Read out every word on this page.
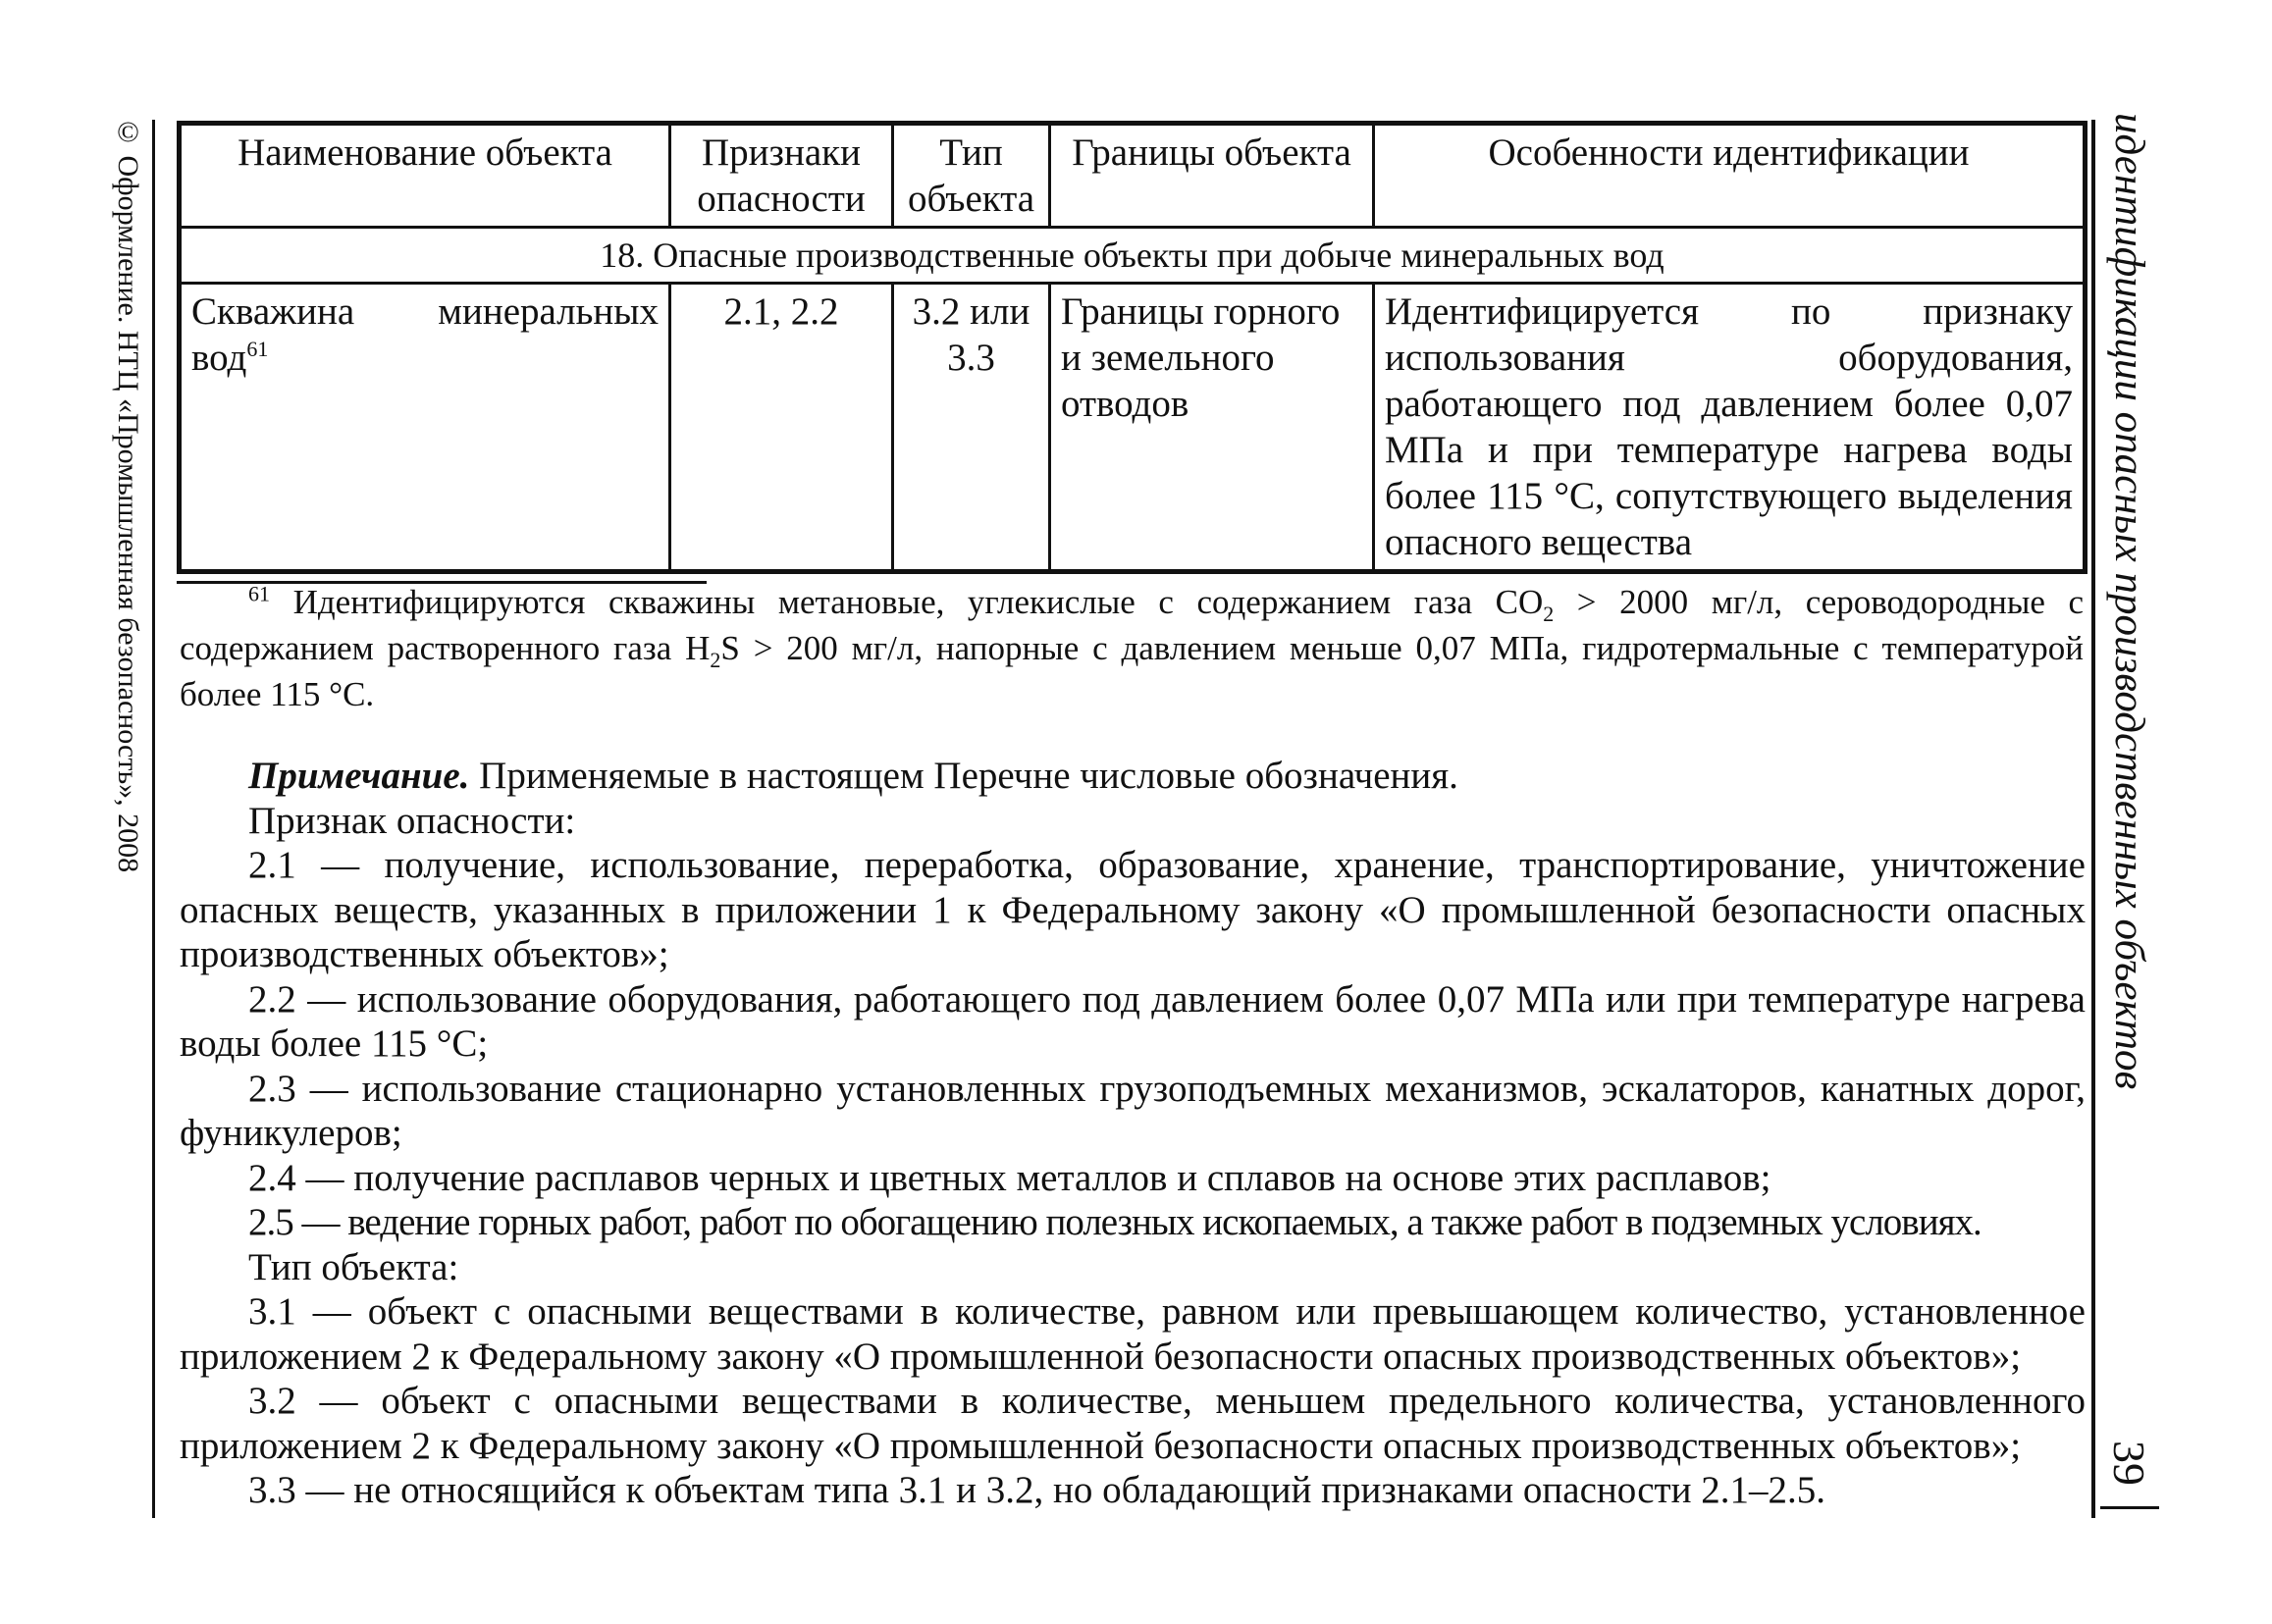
© Оформление. НТЦ «Промышленная безопасность», 2008	идентификации опасных производственных объектов
39
Наименование объекта	Признаки опасности	Тип объекта	Границы объекта	Особенности идентификации
18. Опасные производственные объекты при добыче минеральных вод				
Скважина минеральных вод$^{61}$	2.1, 2.2	3.2 или 3.3	Границы горного и земельного отводов	Идентифицируется по признаку использования оборудования, работающего под давлением более 0,07 МПа и при температуре нагрева воды более 115 °С, сопутствующего выделения опасного вещества
$^{61}$ Идентифицируются скважины метановые, углекислые с содержанием газа $СО_2 > 2000$ мг/л, сероводородные с содержанием растворенного газа $H_2S > 200$ мг/л, напорные с давлением меньше 0,07 МПа, гидротермальные с температурой более 115 °С.

Примечание. Применяемые в настоящем Перечне числовые обозначения.

Признак опасности:

2.1 — получение, использование, переработка, образование, хранение, транспортирование, уничтожение опасных веществ, указанных в приложении 1 к Федеральному закону «О промышленной безопасности опасных производственных объектов»;

2.2 — использование оборудования, работающего под давлением более 0,07 МПа или при температуре нагрева воды более 115 °С;

2.3 — использование стационарно установленных грузоподъемных механизмов, эскалаторов, канатных дорог, фуникулеров;

2.4 — получение расплавов черных и цветных металлов и сплавов на основе этих расплавов;

2.5 — ведение горных работ, работ по обогащению полезных ископаемых, а также работ в подземных условиях.

Тип объекта:

3.1 — объект с опасными веществами в количестве, равном или превышающем количество, установленное приложением 2 к Федеральному закону «О промышленной безопасности опасных производственных объектов»;

3.2 — объект с опасными веществами в количестве, меньшем предельного количества, установленного приложением 2 к Федеральному закону «О промышленной безопасности опасных производственных объектов»;

3.3 — не относящийся к объектам типа 3.1 и 3.2, но обладающий признаками опасности 2.1–2.5.
